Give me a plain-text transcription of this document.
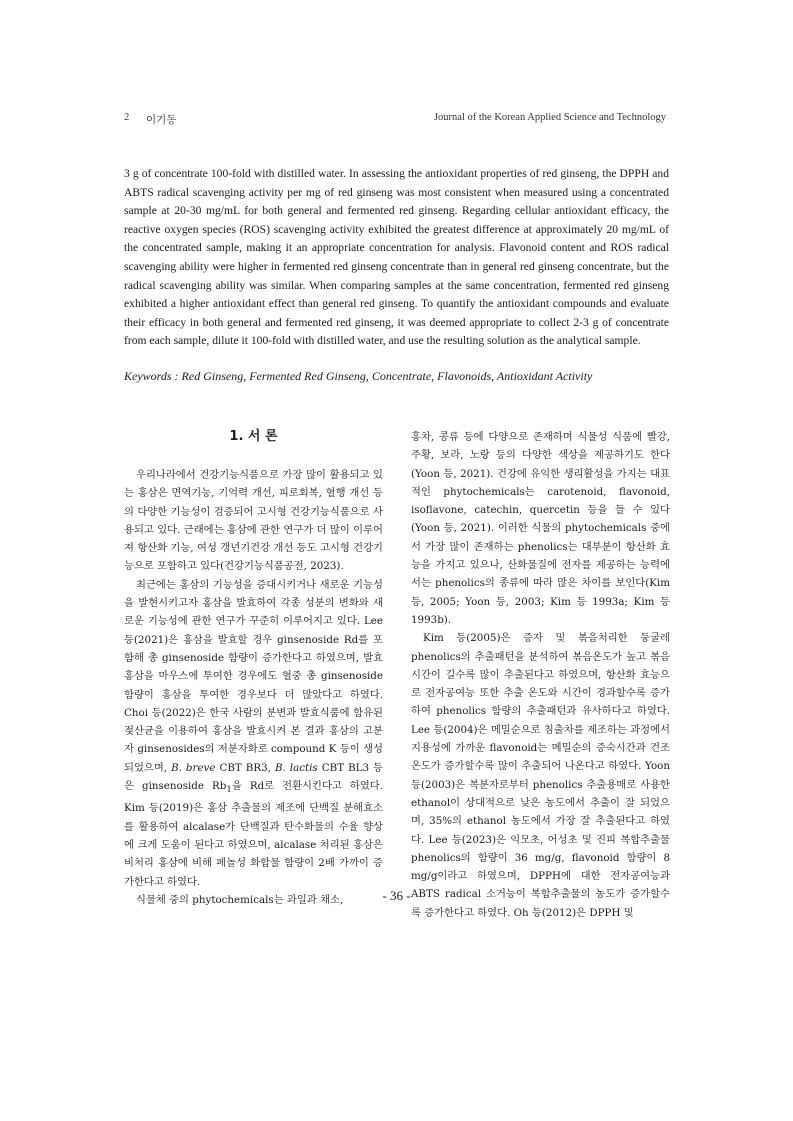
2 이기동	Journal of the Korean Applied Science and Technology

3 g of concentrate 100-fold with distilled water. In assessing the antioxidant properties of red ginseng, the DPPH and ABTS radical scavenging activity per mg of red ginseng was most consistent when measured using a concentrated sample at 20-30 mg/mL for both general and fermented red ginseng. Regarding cellular antioxidant efficacy, the reactive oxygen species (ROS) scavenging activity exhibited the greatest difference at approximately 20 mg/mL of the concentrated sample, making it an appropriate concentration for analysis. Flavonoid content and ROS radical scavenging ability were higher in fermented red ginseng concentrate than in general red ginseng concentrate, but the radical scavenging ability was similar. When comparing samples at the same concentration, fermented red ginseng exhibited a higher antioxidant effect than general red ginseng. To quantify the antioxidant compounds and evaluate their efficacy in both general and fermented red ginseng, it was deemed appropriate to collect 2-3 g of concentrate from each sample, dilute it 100-fold with distilled water, and use the resulting solution as the analytical sample.

Keywords : Red Ginseng, Fermented Red Ginseng, Concentrate, Flavonoids, Antioxidant Activity

1. 서 론

우리나라에서 건강기능식품으로 가장 많이 활용되고 있는 홍삼은 면역기능, 기억력 개선, 피로회복, 혈행 개선 등의 다양한 기능성이 검증되어 고시형 건강기능식품으로 사용되고 있다. 근래에는 홍삼에 관한 연구가 더 많이 이루어져 항산화 기능, 여성 갱년기건강 개선 등도 고시형 건강기능으로 포함하고 있다(건강기능식품공전, 2023).

최근에는 홍삼의 기능성을 증대시키거나 새로운 기능성을 발현시키고자 홍삼을 발효하여 각종 성분의 변화와 새로운 기능성에 관한 연구가 꾸준히 이루어지고 있다. Lee 등(2021)은 홍삼을 발효할 경우 ginsenoside Rd를 포함해 총 ginsenoside 함량이 증가한다고 하였으며, 발효홍삼을 마우스에 투여한 경우에도 혈중 총 ginsenoside 함량이 홍삼을 투여한 경우보다 더 많았다고 하였다. Choi 등(2022)은 한국 사람의 분변과 발효식품에 함유된 젖산균을 이용하여 홍삼을 발효시켜 본 결과 홍삼의 고분자 ginsenosides의 저분자화로 compound K 등이 생성되었으며, B. breve CBT BR3, B. lactis CBT BL3 등은 ginsenoside $Rb_1$을 Rd로 전환시킨다고 하였다. Kim 등(2019)은 홍삼 추출물의 제조에 단백질 분해효소를 활용하여 alcalase가 단백질과 탄수화물의 수율 향상에 크게 도움이 된다고 하였으며, alcalase 처리된 홍삼은 비처리 홍삼에 비해 페놀성 화합물 함량이 2배 가까이 증가한다고 하였다.

식물체 중의 phytochemicals는 과일과 채소,

홍차, 콩류 등에 다양으로 존재하며 식물성 식품에 빨강, 주황, 보라, 노랑 등의 다양한 색상을 제공하기도 한다(Yoon 등, 2021). 건강에 유익한 생리활성을 가지는 대표적인 phytochemicals는 carotenoid, flavonoid, isoflavone, catechin, quercetin 등을 들 수 있다(Yoon 등, 2021). 이러한 식물의 phytochemicals 중에서 가장 많이 존재하는 phenolics는 대부분이 항산화 효능을 가지고 있으나, 산화물질에 전자를 제공하는 능력에서는 phenolics의 종류에 따라 많은 차이를 보인다(Kim 등, 2005; Yoon 등, 2003; Kim 등 1993a; Kim 등 1993b).

Kim 등(2005)은 증자 및 볶음처리한 둥굴레 phenolics의 추출패턴을 분석하여 볶음온도가 높고 볶음시간이 길수록 많이 추출된다고 하였으며, 항산화 효능으로 전자공여능 또한 추출 온도와 시간이 경과할수록 증가하여 phenolics 함량의 추출패턴과 유사하다고 하였다. Lee 등(2004)은 메밀순으로 침출차를 제조하는 과정에서 지용성에 가까운 flavonoid는 메밀순의 증숙시간과 건조온도가 증가할수록 많이 추출되어 나온다고 하였다. Yoon 등(2003)은 복분자로부터 phenolics 추출용매로 사용한 ethanol이 상대적으로 낮은 농도에서 추출이 잘 되었으며, 35%의 ethanol 농도에서 가장 잘 추출된다고 하였다. Lee 등(2023)은 익모초, 어성초 및 진피 복합추출물 phenolics의 함량이 36 mg/g, flavonoid 함량이 8 mg/g이라고 하였으며, DPPH에 대한 전자공여능과 ABTS radical 소거능이 복합추출물의 농도가 증가할수록 증가한다고 하였다. Oh 등(2012)은 DPPH 및

- 36 -
